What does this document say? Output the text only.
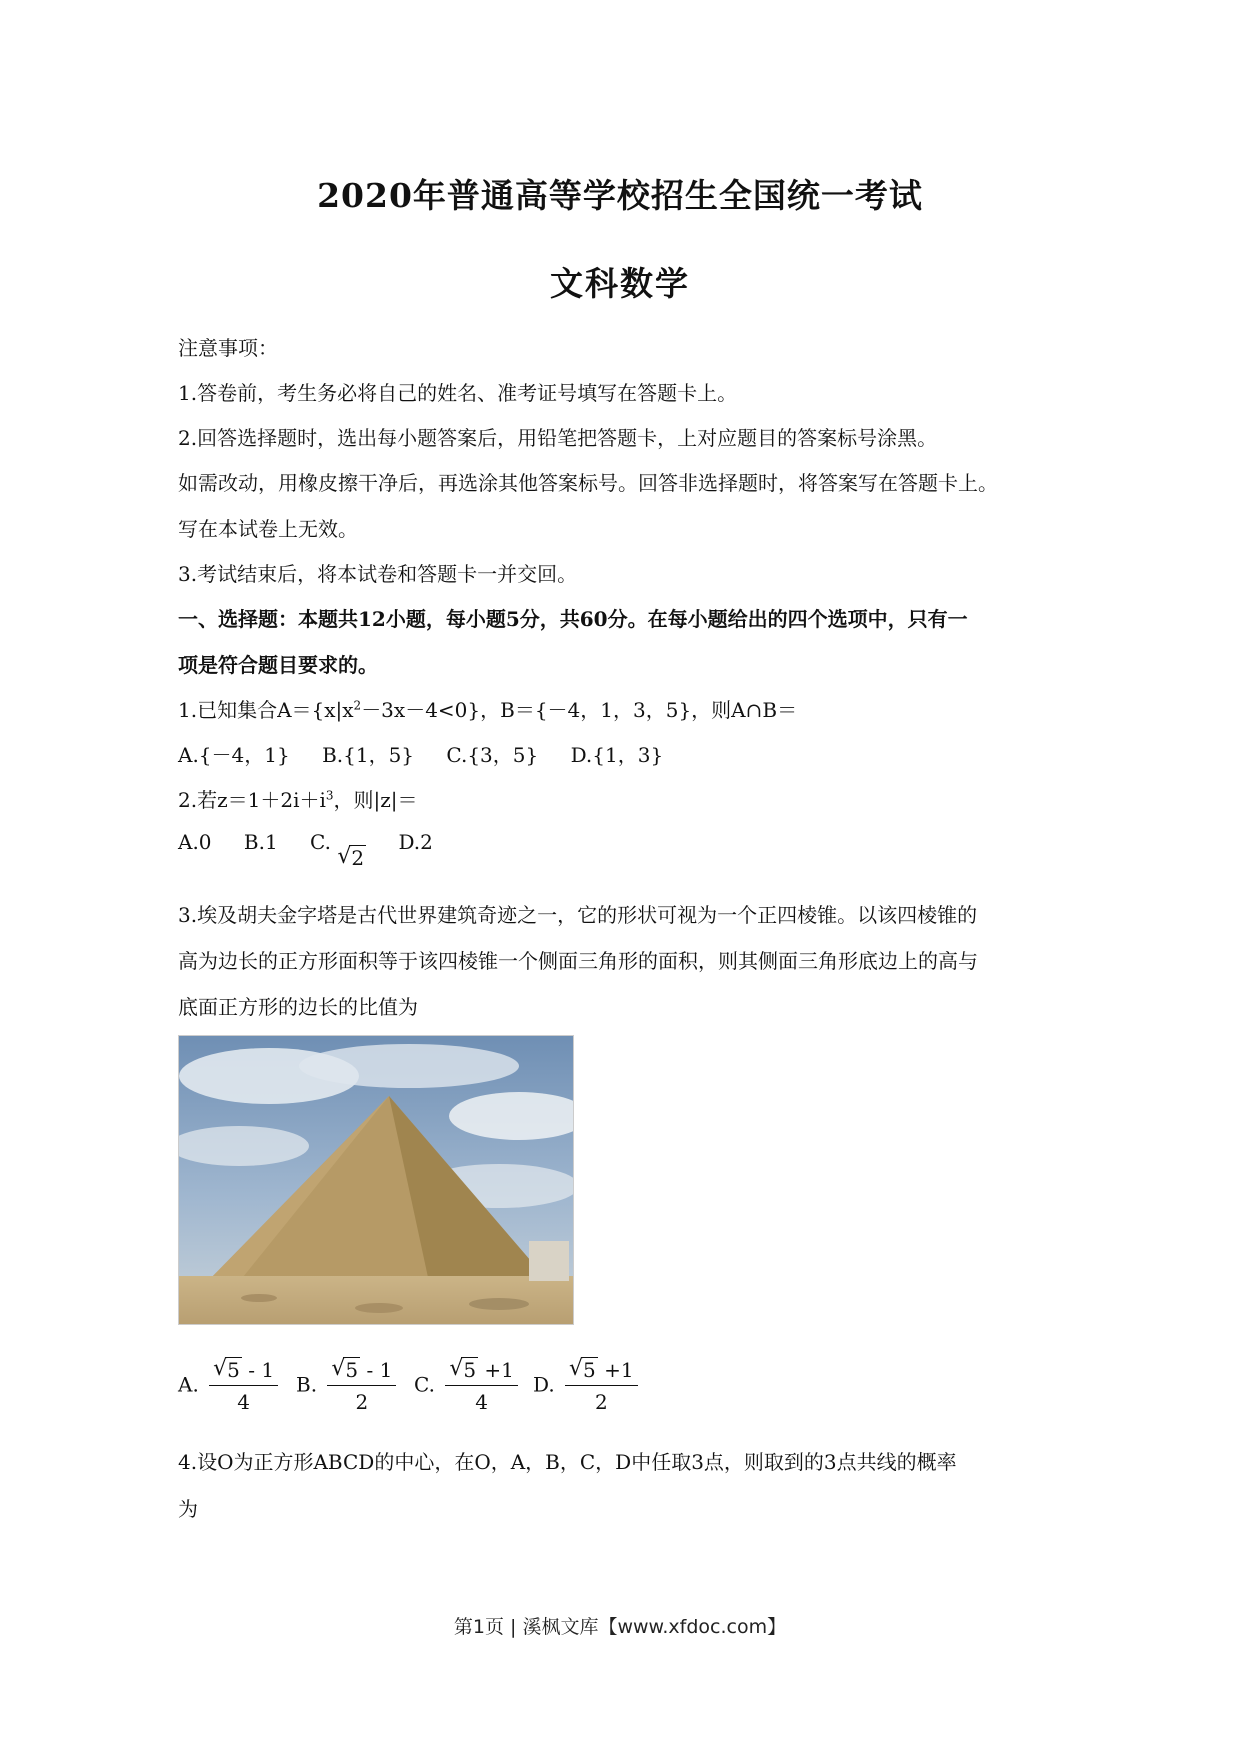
2020年普通高等学校招生全国统一考试
文科数学
注意事项：
1.答卷前，考生务必将自己的姓名、准考证号填写在答题卡上。
2.回答选择题时，选出每小题答案后，用铅笔把答题卡，上对应题目的答案标号涂黑。
如需改动，用橡皮擦干净后，再选涂其他答案标号。回答非选择题时，将答案写在答题卡上。
写在本试卷上无效。
3.考试结束后，将本试卷和答题卡一并交回。
一、选择题：本题共12小题，每小题5分，共60分。在每小题给出的四个选项中，只有一
项是符合题目要求的。
1.已知集合$A=\{x|x^2-3x-4<0\}$，B＝{－4，1，3，5}，则A∩B＝
A.{－4，1} B.{1，5} C.{3，5} D.{1，3}
2.若$z=1+2i+i^3$，则|z|＝
A.0 B.1 C.
√ 2 D.2
3.埃及胡夫金字塔是古代世界建筑奇迹之一，它的形状可视为一个正四棱锥。以该四棱锥的
高为边长的正方形面积等于该四棱锥一个侧面三角形的面积，则其侧面三角形底边上的高与
底面正方形的边长的比值为
A. $\frac{√ 5 - 1}{4} B$. $\frac{√ 5 - 1}{2} C$. $\frac{√ 5 +1}{4} D$. $\frac{√ 5 +1}{2}$
4.设O为正方形ABCD的中心，在O，A，B，C，D中任取3点，则取到的3点共线的概率
为
第1页 | 溪枫文库【www.xfdoc.com】
